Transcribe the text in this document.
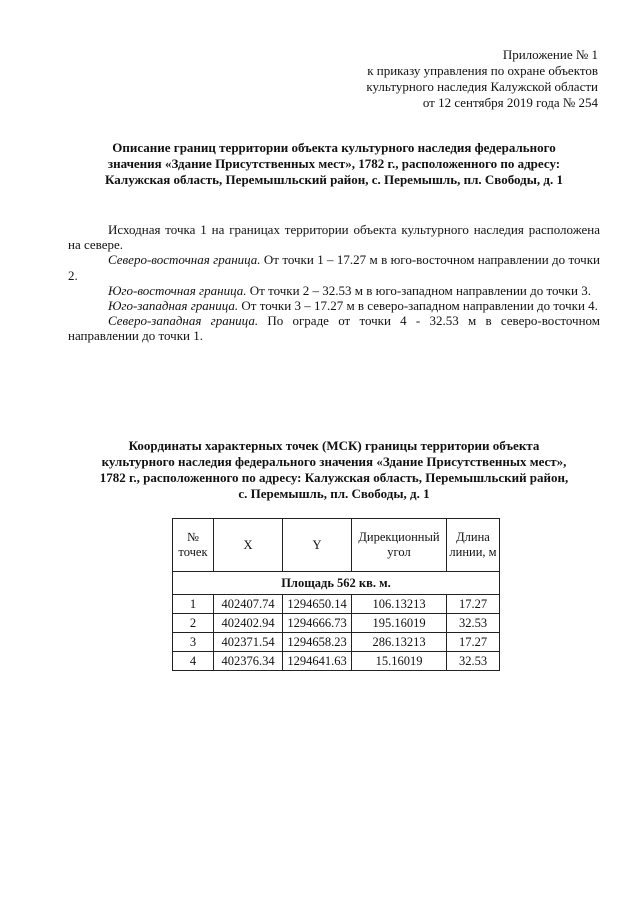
Приложение № 1
к приказу управления по охране объектов
культурного наследия Калужской области
от 12 сентября 2019 года № 254
Описание границ территории объекта культурного наследия федерального
значения «Здание Присутственных мест», 1782 г., расположенного по адресу:
Калужская область, Перемышльский район, с. Перемышль, пл. Свободы, д. 1

Исходная точка 1 на границах территории объекта культурного наследия расположена на севере.

Северо-восточная граница. От точки 1 – 17.27 м в юго-восточном направлении до точки 2.

Юго-восточная граница. От точки 2 – 32.53 м в юго-западном направлении до точки 3.

Юго-западная граница. От точки 3 – 17.27 м в северо-западном направлении до точки 4.

Северо-западная граница. По ограде от точки 4 - 32.53 м в северо-восточном направлении до точки 1.

Координаты характерных точек (МСК) границы территории объекта
культурного наследия федерального значения «Здание Присутственных мест»,
1782 г., расположенного по адресу: Калужская область, Перемышльский район,
с. Перемышль, пл. Свободы, д. 1
№ точек	X	Y	Дирекционный угол	Длина линии, м
Площадь 562 кв. м.				
1	402407.74	1294650.14	106.13213	17.27
2	402402.94	1294666.73	195.16019	32.53
3	402371.54	1294658.23	286.13213	17.27
4	402376.34	1294641.63	15.16019	32.53
